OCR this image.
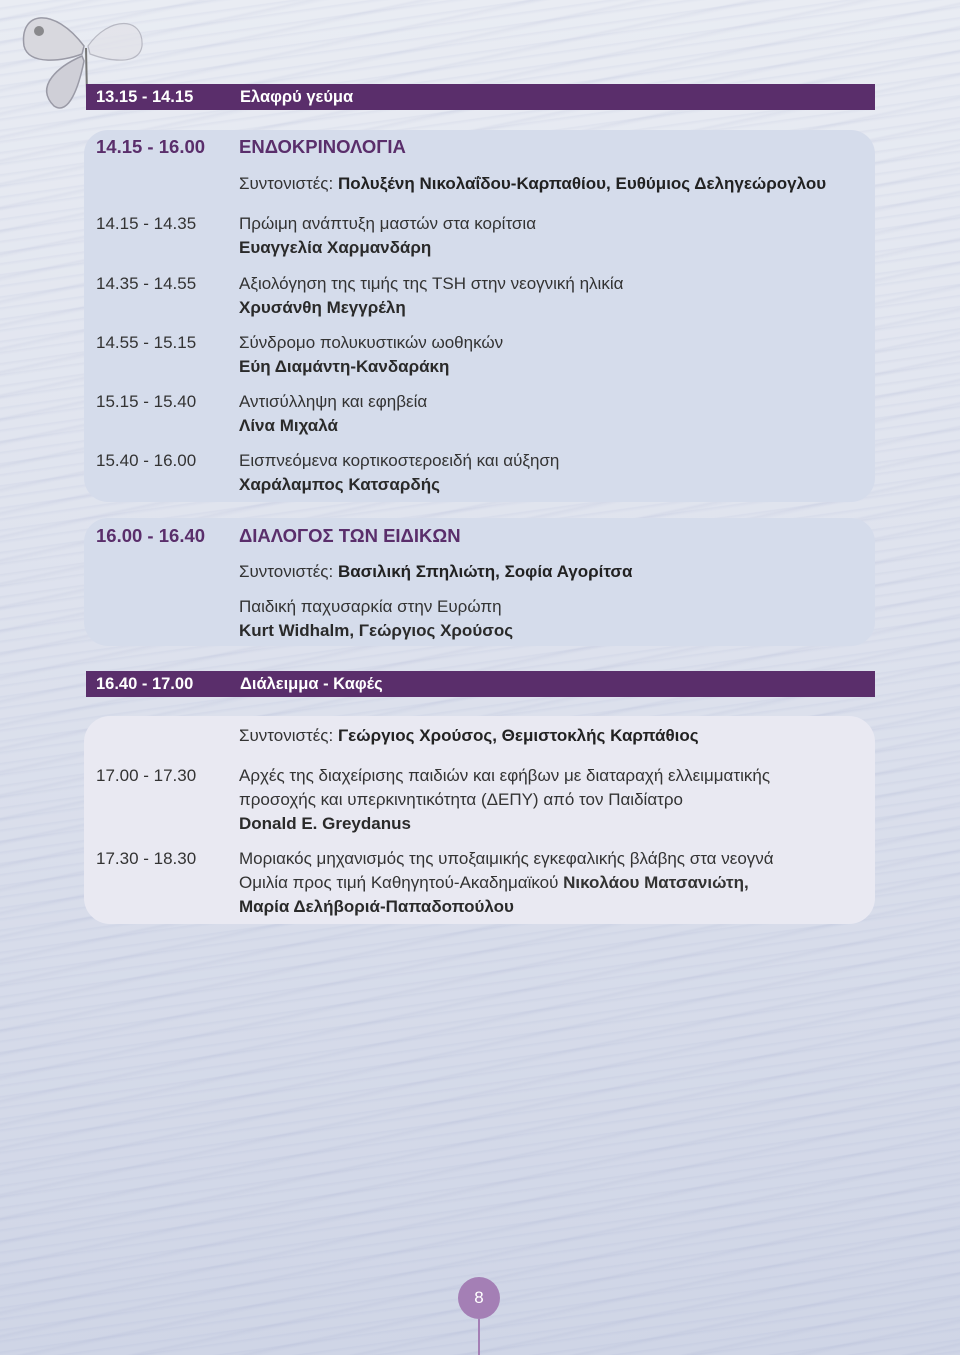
13.15 - 14.15	Ελαφρύ γεύμα
14.15 - 16.00 ΕΝΔΟΚΡΙΝΟΛΟΓΙΑ
Συντονιστές: Πολυξένη Νικολαΐδου-Καρπαθίου, Ευθύμιος Δεληγεώρογλου
14.15 - 14.35	Πρώιμη ανάπτυξη μαστών στα κορίτσια
Ευαγγελία Χαρμανδάρη
14.35 - 14.55	Αξιολόγηση της τιμής της TSH στην νεογνική ηλικία
Χρυσάνθη Μεγγρέλη
14.55 - 15.15	Σύνδρομο πολυκυστικών ωοθηκών
Εύη Διαμάντη-Κανδαράκη
15.15 - 15.40	Αντισύλληψη και εφηβεία
Λίνα Μιχαλά
15.40 - 16.00	Εισπνεόμενα κορτικοστεροειδή και αύξηση
Χαράλαμπος Κατσαρδής
16.00 - 16.40 ΔΙΑΛΟΓΟΣ ΤΩΝ ΕΙΔΙΚΩΝ
Συντονιστές: Βασιλική Σπηλιώτη, Σοφία Αγορίτσα
Παιδική παχυσαρκία στην Ευρώπη
Kurt Widhalm, Γεώργιος Χρούσος
16.40 - 17.00	Διάλειμμα - Καφές
Συντονιστές: Γεώργιος Χρούσος, Θεμιστοκλής Καρπάθιος
17.00 - 17.30	Αρχές της διαχείρισης παιδιών και εφήβων με διαταραχή ελλειμματικής
προσοχής και υπερκινητικότητα (ΔΕΠΥ) από τον Παιδίατρο
Donald E. Greydanus
17.30 - 18.30	Μοριακός μηχανισμός της υποξαιμικής εγκεφαλικής βλάβης στα νεογνά
Ομιλία προς τιμή Καθηγητού-Ακαδημαϊκού Νικολάου Ματσανιώτη,
Μαρία Δελήβοριά-Παπαδοπούλου
8
